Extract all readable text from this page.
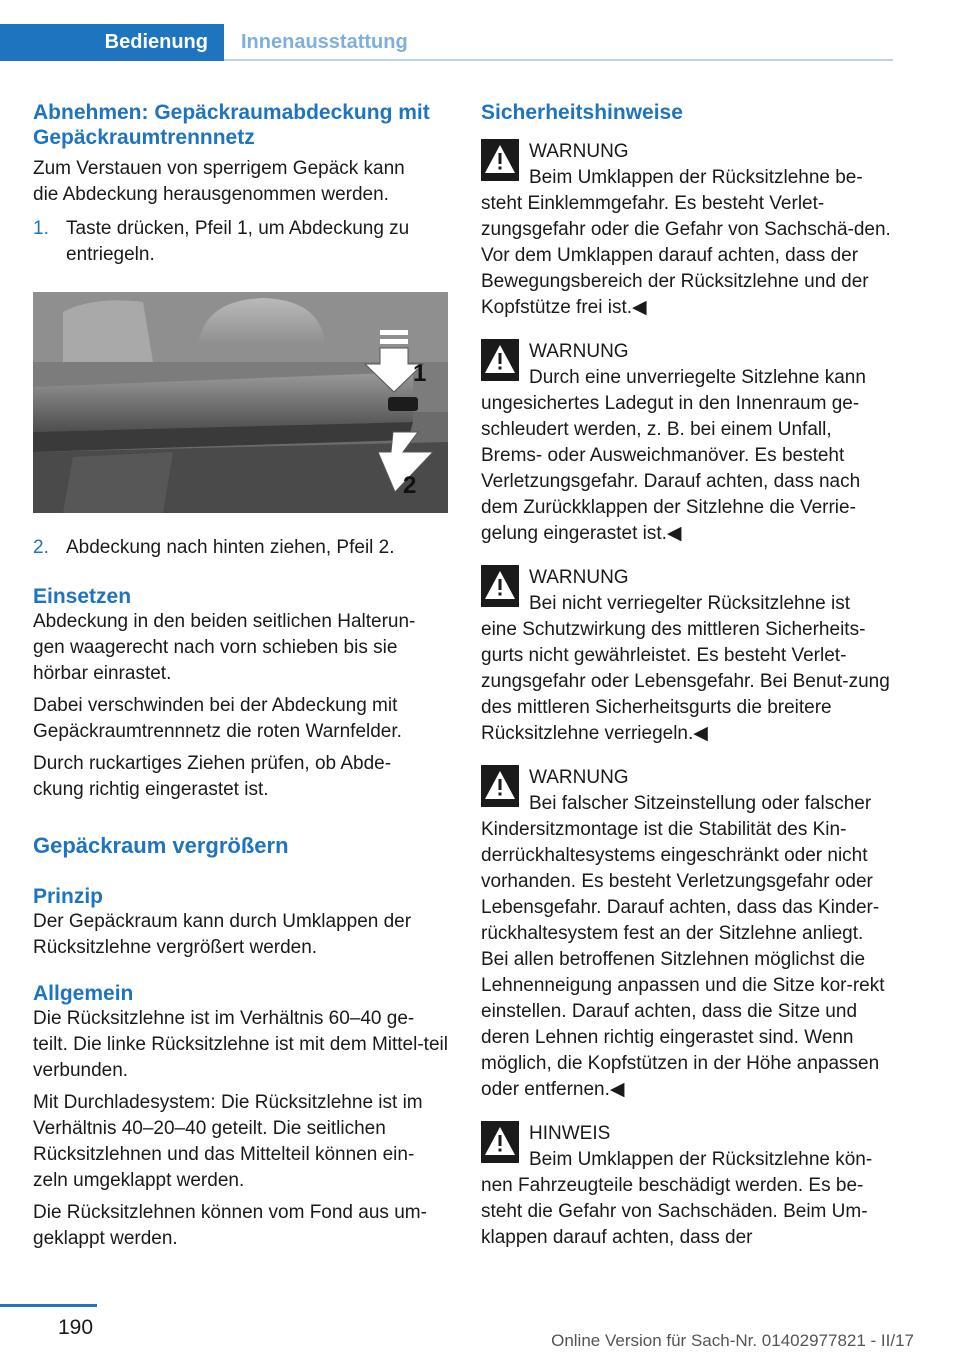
Bedienung	Innenausstattung
Abnehmen: Gepäckraumabdeckung mit Gepäckraumtrennnetz

Zum Verstauen von sperrigem Gepäck kann die Abdeckung herausgenommen werden.

1. Taste drücken, Pfeil 1, um Abdeckung zu entriegeln.
1
2
2. Abdeckung nach hinten ziehen, Pfeil 2.
Einsetzen

Abdeckung in den beiden seitlichen Halterun‐gen waagerecht nach vorn schieben bis sie hörbar einrastet.

Dabei verschwinden bei der Abdeckung mit Gepäckraumtrennnetz die roten Warnfelder.

Durch ruckartiges Ziehen prüfen, ob Abde‐ckung richtig eingerastet ist.

Gepäckraum vergrößern
Prinzip

Der Gepäckraum kann durch Umklappen der Rücksitzlehne vergrößert werden.

Allgemein

Die Rücksitzlehne ist im Verhältnis 60–40 ge‐teilt. Die linke Rücksitzlehne ist mit dem Mittel‐teil verbunden.

Mit Durchladesystem: Die Rücksitzlehne ist im Verhältnis 40–20–40 geteilt. Die seitlichen Rücksitzlehnen und das Mittelteil können ein‐zeln umgeklappt werden.

Die Rücksitzlehnen können vom Fond aus um‐geklappt werden.

Sicherheitshinweise
WARNUNG
Beim Umklappen der Rücksitzlehne be‐
steht Einklemmgefahr. Es besteht Verlet‐zungsgefahr oder die Gefahr von Sachschä‐den. Vor dem Umklappen darauf achten, dass der Bewegungsbereich der Rücksitzlehne und der Kopfstütze frei ist.◀
WARNUNG
Durch eine unverriegelte Sitzlehne kann
ungesichertes Ladegut in den Innenraum ge‐schleudert werden, z. B. bei einem Unfall, Brems- oder Ausweichmanöver. Es besteht Verletzungsgefahr. Darauf achten, dass nach dem Zurückklappen der Sitzlehne die Verrie‐gelung eingerastet ist.◀
WARNUNG
Bei nicht verriegelter Rücksitzlehne ist
eine Schutzwirkung des mittleren Sicherheits‐gurts nicht gewährleistet. Es besteht Verlet‐zungsgefahr oder Lebensgefahr. Bei Benut‐zung des mittleren Sicherheitsgurts die breitere Rücksitzlehne verriegeln.◀
WARNUNG
Bei falscher Sitzeinstellung oder falscher
Kindersitzmontage ist die Stabilität des Kin‐derrückhaltesystems eingeschränkt oder nicht vorhanden. Es besteht Verletzungsgefahr oder Lebensgefahr. Darauf achten, dass das Kinder‐rückhaltesystem fest an der Sitzlehne anliegt. Bei allen betroffenen Sitzlehnen möglichst die Lehnenneigung anpassen und die Sitze kor‐rekt einstellen. Darauf achten, dass die Sitze und deren Lehnen richtig eingerastet sind. Wenn möglich, die Kopfstützen in der Höhe anpassen oder entfernen.◀
HINWEIS
Beim Umklappen der Rücksitzlehne kön‐
nen Fahrzeugteile beschädigt werden. Es be‐steht die Gefahr von Sachschäden. Beim Um‐klappen darauf achten, dass der
190
Online Version für Sach-Nr. 01402977821 - II/17
